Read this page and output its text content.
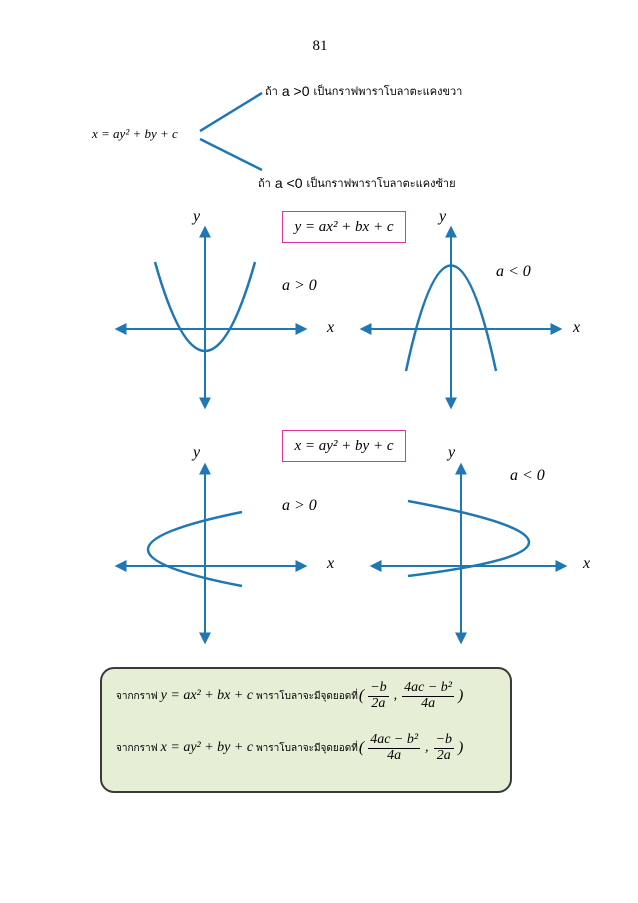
81
x = ay² + by + c
ถ้า a >0 เป็นกราฟพาราโบลาตะแคงขวา
ถ้า a <0 เป็นกราฟพาราโบลาตะแคงซ้าย
y = ax² + bx + c
y
x
a > 0
y
x
a < 0
x = ay² + by + c
y
x
a > 0
y
x
a < 0
จากกราฟ y = ax² + bx + c พาราโบลาจะมีจุดยอดที่ ( $\frac{-b}{2a}$ , $\frac{\text{4ac − b²}}{4a}$ )
จากกราฟ x = ay² + by + c พาราโบลาจะมีจุดยอดที่ ( $\frac{\text{4ac − b²}}{4a}$ , $\frac{-b}{2a}$ )
